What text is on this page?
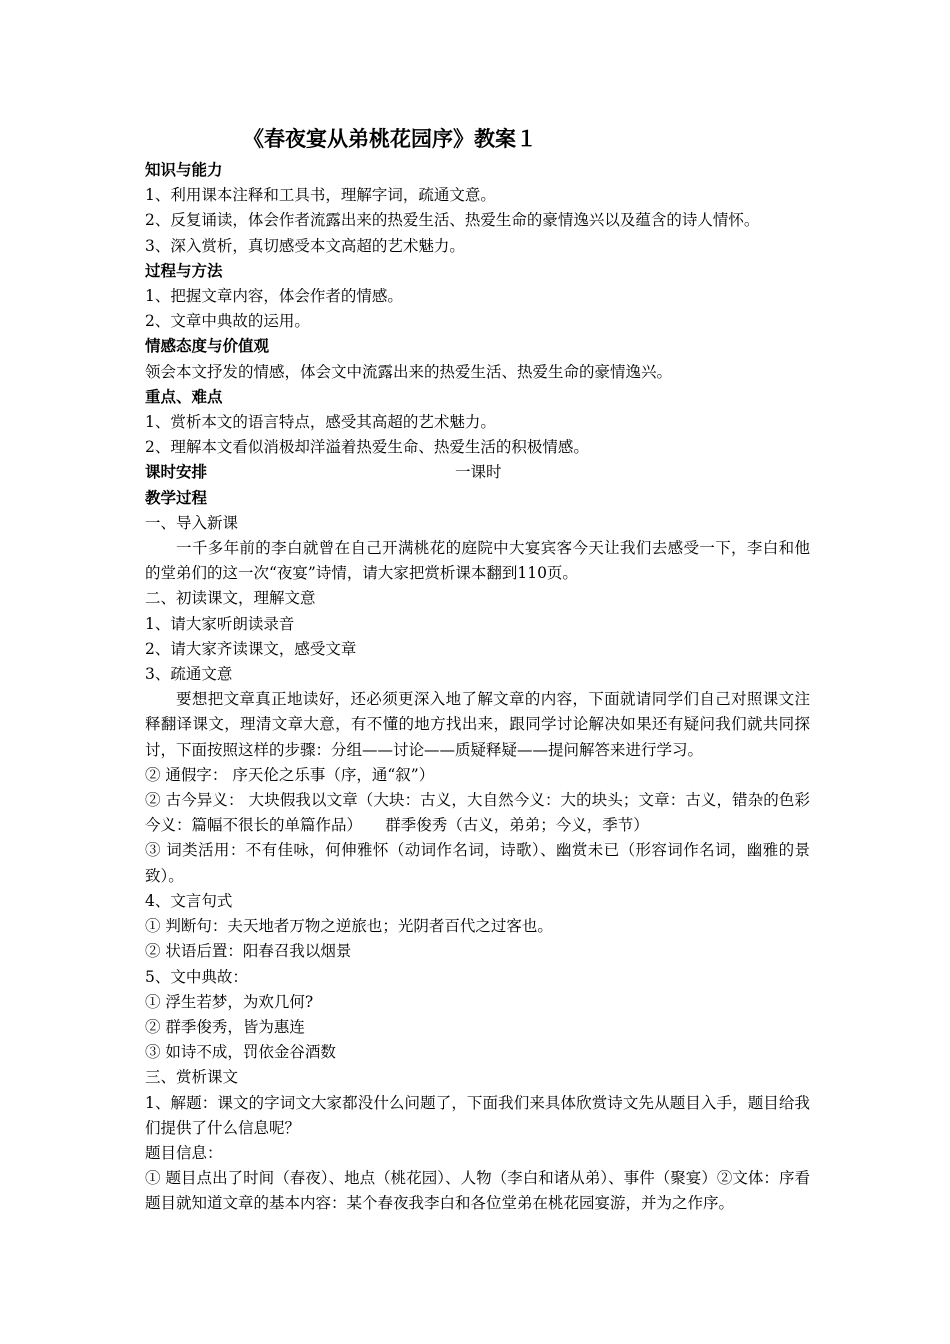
《春夜宴从弟桃花园序》教案１
知识与能力
1、利用课本注释和工具书，理解字词，疏通文意。
2、反复诵读，体会作者流露出来的热爱生活、热爱生命的豪情逸兴以及蕴含的诗人情怀。
3、深入赏析，真切感受本文高超的艺术魅力。
过程与方法
1、把握文章内容，体会作者的情感。
2、文章中典故的运用。
情感态度与价值观
领会本文抒发的情感，体会文中流露出来的热爱生活、热爱生命的豪情逸兴。
重点、难点
1、赏析本文的语言特点，感受其高超的艺术魅力。
2、理解本文看似消极却洋溢着热爱生命、热爱生活的积极情感。
课时安排	一课时
教学过程
一、导入新课
一千多年前的李白就曾在自己开满桃花的庭院中大宴宾客今天让我们去感受一下，李白和他的堂弟们的这一次“夜宴”诗情，请大家把赏析课本翻到110页。
二、初读课文，理解文意
1、请大家听朗读录音
2、请大家齐读课文，感受文章
3、疏通文意
要想把文章真正地读好，还必须更深入地了解文章的内容，下面就请同学们自己对照课文注释翻译课文，理清文章大意，有不懂的地方找出来，跟同学讨论解决如果还有疑问我们就共同探讨，下面按照这样的步骤：分组——讨论——质疑释疑——提问解答来进行学习。
② 通假字： 序天伦之乐事（序，通“叙”）
② 古今异义： 大块假我以文章（大块：古义，大自然今义：大的块头；文章：古义，错杂的色彩今义：篇幅不很长的单篇作品）　　群季俊秀（古义，弟弟；今义，季节）
③ 词类活用：不有佳咏，何伸雅怀（动词作名词，诗歌）、幽赏未已（形容词作名词，幽雅的景致）。
4、文言句式
① 判断句：夫天地者万物之逆旅也；光阴者百代之过客也。
② 状语后置：阳春召我以烟景
5、文中典故：
① 浮生若梦，为欢几何?
② 群季俊秀，皆为惠连
③ 如诗不成，罚依金谷酒数
三、赏析课文
1、解题：课文的字词文大家都没什么问题了，下面我们来具体欣赏诗文先从题目入手，题目给我们提供了什么信息呢？
题目信息：
① 题目点出了时间（春夜）、地点（桃花园）、人物（李白和诸从弟）、事件（聚宴）②文体：序看题目就知道文章的基本内容：某个春夜我李白和各位堂弟在桃花园宴游，并为之作序。
